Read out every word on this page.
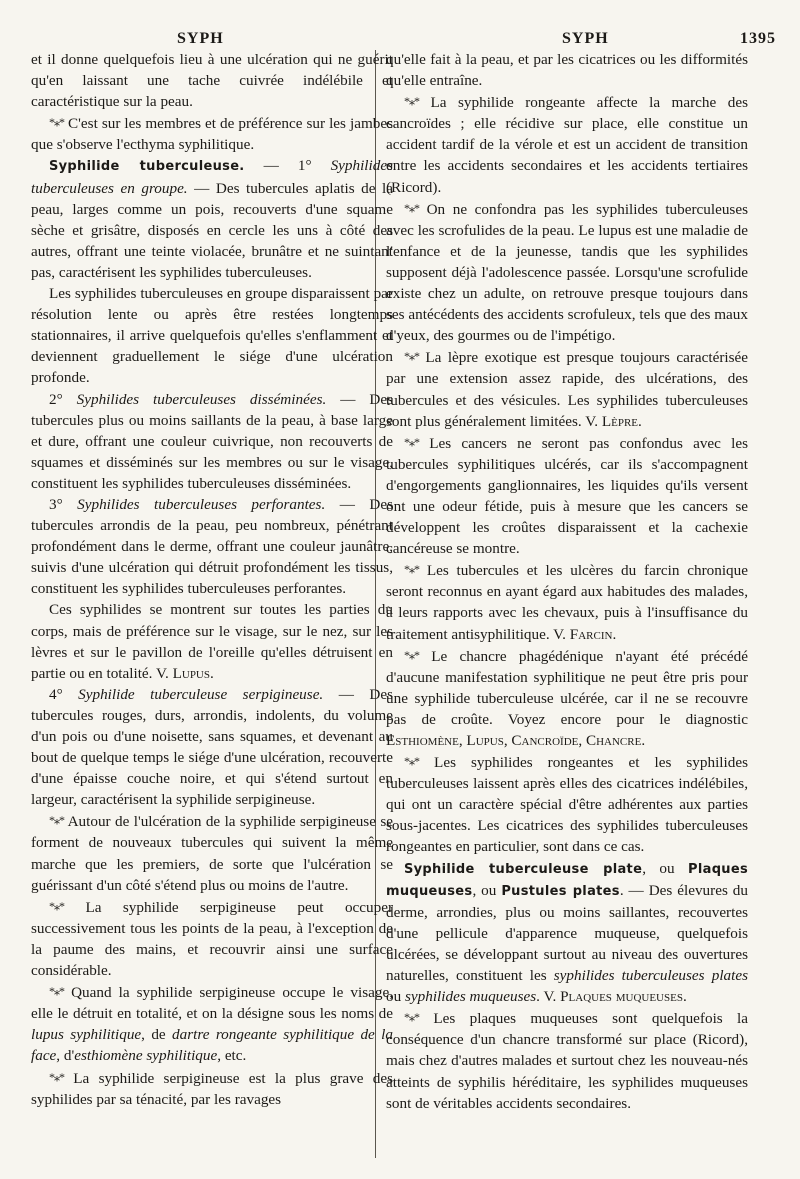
SYPH	SYPH	1395

et il donne quelquefois lieu à une ulcération qui ne guérit qu'en laissant une tache cuivrée indélébile et caractéristique sur la peau.

*⁎* C'est sur les membres et de préférence sur les jambes que s'observe l'ecthyma syphilitique.

Syphilide tuberculeuse. — 1° Syphilides tuberculeuses en groupe. — Des tubercules aplatis de la peau, larges comme un pois, recouverts d'une squame sèche et grisâtre, disposés en cercle les uns à côté des autres, offrant une teinte violacée, brunâtre et ne suintant pas, caractérisent les syphilides tuberculeuses.

Les syphilides tuberculeuses en groupe disparaissent par résolution lente ou après être restées longtemps stationnaires, il arrive quelquefois qu'elles s'enflamment et deviennent graduellement le siége d'une ulcération profonde.

2° Syphilides tuberculeuses disséminées. — Des tubercules plus ou moins saillants de la peau, à base large et dure, offrant une couleur cuivrique, non recouverts de squames et disséminés sur les membres ou sur le visage, constituent les syphilides tuberculeuses disséminées.

3° Syphilides tuberculeuses perforantes. — Des tubercules arrondis de la peau, peu nombreux, pénétrant profondément dans le derme, offrant une couleur jaunâtre, suivis d'une ulcération qui détruit profondément les tissus, constituent les syphilides tuberculeuses perforantes.

Ces syphilides se montrent sur toutes les parties du corps, mais de préférence sur le visage, sur le nez, sur les lèvres et sur le pavillon de l'oreille qu'elles détruisent en partie ou en totalité. V. Lupus.

4° Syphilide tuberculeuse serpigineuse. — Des tubercules rouges, durs, arrondis, indolents, du volume d'un pois ou d'une noisette, sans squames, et devenant au bout de quelque temps le siége d'une ulcération, recouverte d'une épaisse couche noire, et qui s'étend surtout en largeur, caractérisent la syphilide serpigineuse.

*⁎* Autour de l'ulcération de la syphilide serpigineuse se forment de nouveaux tubercules qui suivent la même marche que les premiers, de sorte que l'ulcération se guérissant d'un côté s'étend plus ou moins de l'autre.

*⁎* La syphilide serpigineuse peut occuper successivement tous les points de la peau, à l'exception de la paume des mains, et recouvrir ainsi une surface considérable.

*⁎* Quand la syphilide serpigineuse occupe le visage, elle le détruit en totalité, et on la désigne sous les noms de lupus syphilitique, de dartre rongeante syphilitique de la face, d'esthiomène syphilitique, etc.

*⁎* La syphilide serpigineuse est la plus grave des syphilides par sa ténacité, par les ravages

qu'elle fait à la peau, et par les cicatrices ou les difformités qu'elle entraîne.

*⁎* La syphilide rongeante affecte la marche des cancroïdes ; elle récidive sur place, elle constitue un accident tardif de la vérole et est un accident de transition entre les accidents secondaires et les accidents tertiaires (Ricord).

*⁎* On ne confondra pas les syphilides tuberculeuses avec les scrofulides de la peau. Le lupus est une maladie de l'enfance et de la jeunesse, tandis que les syphilides supposent déjà l'adolescence passée. Lorsqu'une scrofulide existe chez un adulte, on retrouve presque toujours dans ses antécédents des accidents scrofuleux, tels que des maux d'yeux, des gourmes ou de l'impétigo.

*⁎* La lèpre exotique est presque toujours caractérisée par une extension assez rapide, des ulcérations, des tubercules et des vésicules. Les syphilides tuberculeuses sont plus généralement limitées. V. Lèpre.

*⁎* Les cancers ne seront pas confondus avec les tubercules syphilitiques ulcérés, car ils s'accompagnent d'engorgements ganglionnaires, les liquides qu'ils versent ont une odeur fétide, puis à mesure que les cancers se développent les croûtes disparaissent et la cachexie cancéreuse se montre.

*⁎* Les tubercules et les ulcères du farcin chronique seront reconnus en ayant égard aux habitudes des malades, à leurs rapports avec les chevaux, puis à l'insuffisance du traitement antisyphilitique. V. Farcin.

*⁎* Le chancre phagédénique n'ayant été précédé d'aucune manifestation syphilitique ne peut être pris pour une syphilide tuberculeuse ulcérée, car il ne se recouvre pas de croûte. Voyez encore pour le diagnostic Esthiomène, Lupus, Cancroïde, Chancre.

*⁎* Les syphilides rongeantes et les syphilides tuberculeuses laissent après elles des cicatrices indélébiles, qui ont un caractère spécial d'être adhérentes aux parties sous-jacentes. Les cicatrices des syphilides tuberculeuses rongeantes en particulier, sont dans ce cas.

Syphilide tuberculeuse plate, ou Plaques muqueuses, ou Pustules plates. — Des élevures du derme, arrondies, plus ou moins saillantes, recouvertes d'une pellicule d'apparence muqueuse, quelquefois ulcérées, se développant surtout au niveau des ouvertures naturelles, constituent les syphilides tuberculeuses plates ou syphilides muqueuses. V. Plaques muqueuses.

*⁎* Les plaques muqueuses sont quelquefois la conséquence d'un chancre transformé sur place (Ricord), mais chez d'autres malades et surtout chez les nouveau-nés atteints de syphilis héréditaire, les syphilides muqueuses sont de véritables accidents secondaires.
